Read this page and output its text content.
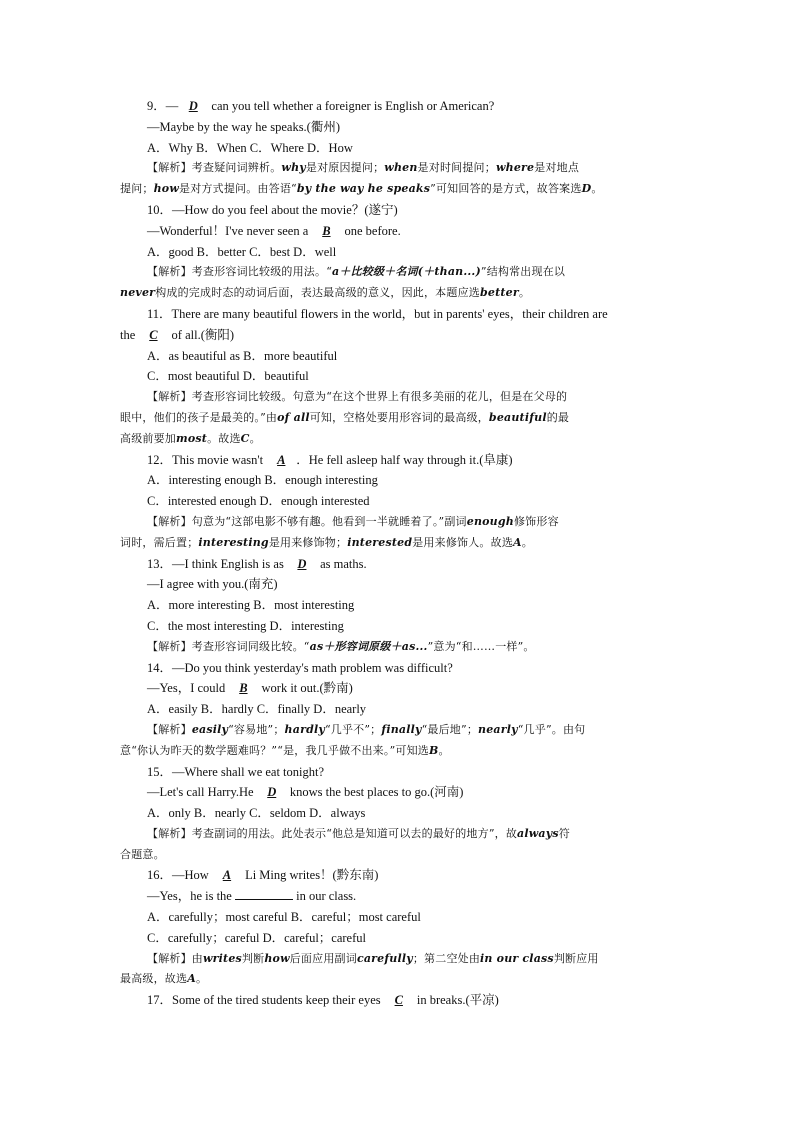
9．— D can you tell whether a foreigner is English or American?
—Maybe by the way he speaks.(衢州)
A．Why B．When C．Where D．How
【解析】考查疑问词辨析。why是对原因提问；when是对时间提问；where是对地点
提问；how是对方式提问。由答语“by the way he speaks”可知回答的是方式，故答案选D。
10．—How do you feel about the movie？(遂宁)
—Wonderful！I've never seen a B one before.
A．good B．better C．best D．well
【解析】考查形容词比较级的用法。“a＋比较级＋名词(＋than...)”结构常出现在以
never构成的完成时态的动词后面，表达最高级的意义，因此，本题应选better。
11．There are many beautiful flowers in the world，but in parents' eyes，their children are
the C of all.(衡阳)
A．as beautiful as B．more beautiful
C．most beautiful D．beautiful
【解析】考查形容词比较级。句意为“在这个世界上有很多美丽的花儿，但是在父母的
眼中，他们的孩子是最美的。”由of all可知，空格处要用形容词的最高级，beautiful的最
高级前要加most。故选C。
12．This movie wasn't A ．He fell asleep half way through it.(阜康)
A．interesting enough B．enough interesting
C．interested enough D．enough interested
【解析】句意为“这部电影不够有趣。他看到一半就睡着了。”副词enough修饰形容
词时，需后置；interesting是用来修饰物；interested是用来修饰人。故选A。
13．—I think English is as D as maths.
—I agree with you.(南充)
A．more interesting B．most interesting
C．the most interesting D．interesting
【解析】考查形容词同级比较。“as＋形容词原级＋as...”意为“和……一样”。
14．—Do you think yesterday's math problem was difficult?
—Yes，I could B work it out.(黔南)
A．easily B．hardly C．finally D．nearly
【解析】easily“容易地”；hardly“几乎不”；finally“最后地”；nearly“几乎”。由句
意“你认为昨天的数学题难吗？”“是，我几乎做不出来。”可知选B。
15．—Where shall we eat tonight?
—Let's call Harry.He D knows the best places to go.(河南)
A．only B．nearly C．seldom D．always
【解析】考查副词的用法。此处表示“他总是知道可以去的最好的地方”，故always符
合题意。
16．—How A Li Ming writes！(黔东南)
—Yes，he is the	in our class.
A．carefully；most careful B．careful；most careful
C．carefully；careful D．careful；careful
【解析】由writes判断how后面应用副词carefully；第二空处由in our class判断应用
最高级，故选A。
17．Some of the tired students keep their eyes C in breaks.(平凉)
